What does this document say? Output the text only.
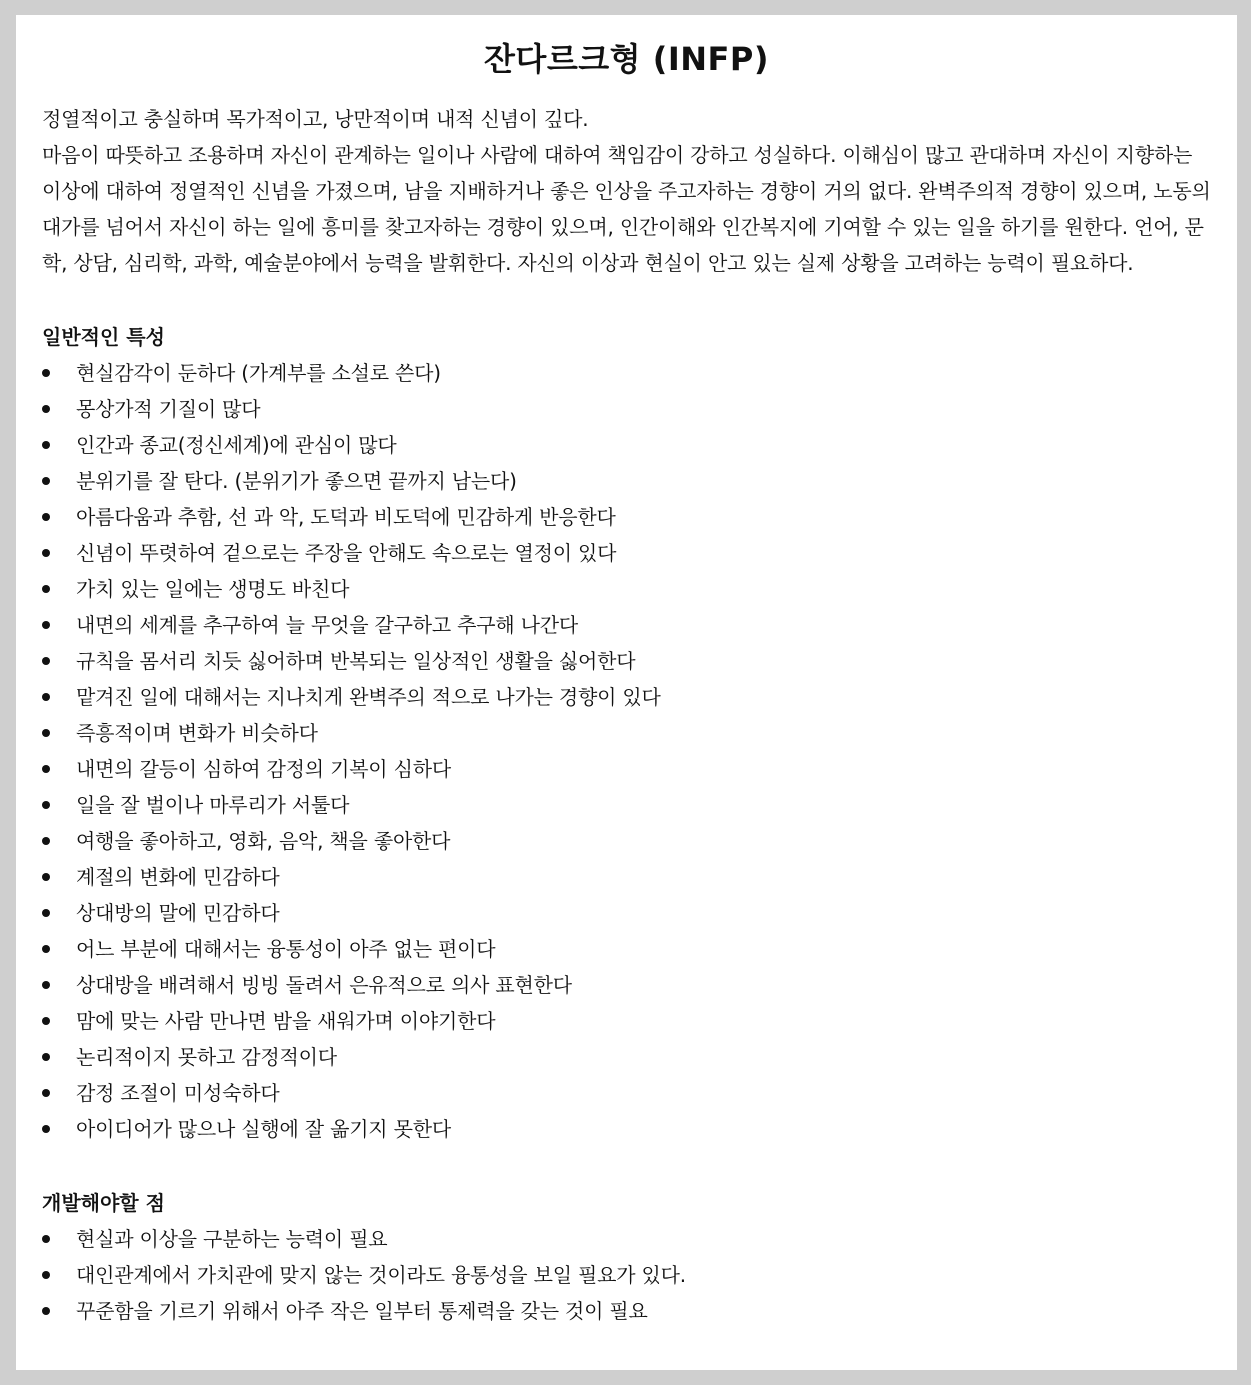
잔다르크형 (INFP)

정열적이고 충실하며 목가적이고, 낭만적이며 내적 신념이 깊다.

마음이 따뜻하고 조용하며 자신이 관계하는 일이나 사람에 대하여 책임감이 강하고 성실하다. 이해심이 많고 관대하며 자신이 지향하는 이상에 대하여 정열적인 신념을 가졌으며, 남을 지배하거나 좋은 인상을 주고자하는 경향이 거의 없다. 완벽주의적 경향이 있으며, 노동의 대가를 넘어서 자신이 하는 일에 흥미를 찾고자하는 경향이 있으며, 인간이해와 인간복지에 기여할 수 있는 일을 하기를 원한다. 언어, 문학, 상담, 심리학, 과학, 예술분야에서 능력을 발휘한다. 자신의 이상과 현실이 안고 있는 실제 상황을 고려하는 능력이 필요하다.

일반적인 특성
현실감각이 둔하다 (가계부를 소설로 쓴다)
몽상가적 기질이 많다
인간과 종교(정신세계)에 관심이 많다
분위기를 잘 탄다. (분위기가 좋으면 끝까지 남는다)
아름다움과 추함, 선 과 악, 도덕과 비도덕에 민감하게 반응한다
신념이 뚜렷하여 겉으로는 주장을 안해도 속으로는 열정이 있다
가치 있는 일에는 생명도 바친다
내면의 세계를 추구하여 늘 무엇을 갈구하고 추구해 나간다
규칙을 몸서리 치듯 싫어하며 반복되는 일상적인 생활을 싫어한다
맡겨진 일에 대해서는 지나치게 완벽주의 적으로 나가는 경향이 있다
즉흥적이며 변화가 비슷하다
내면의 갈등이 심하여 감정의 기복이 심하다
일을 잘 벌이나 마루리가 서툴다
여행을 좋아하고, 영화, 음악, 책을 좋아한다
계절의 변화에 민감하다
상대방의 말에 민감하다
어느 부분에 대해서는 융통성이 아주 없는 편이다
상대방을 배려해서 빙빙 돌려서 은유적으로 의사 표현한다
맘에 맞는 사람 만나면 밤을 새워가며 이야기한다
논리적이지 못하고 감정적이다
감정 조절이 미성숙하다
아이디어가 많으나 실행에 잘 옮기지 못한다
개발해야할 점
현실과 이상을 구분하는 능력이 필요
대인관계에서 가치관에 맞지 않는 것이라도 융통성을 보일 필요가 있다.
꾸준함을 기르기 위해서 아주 작은 일부터 통제력을 갖는 것이 필요
